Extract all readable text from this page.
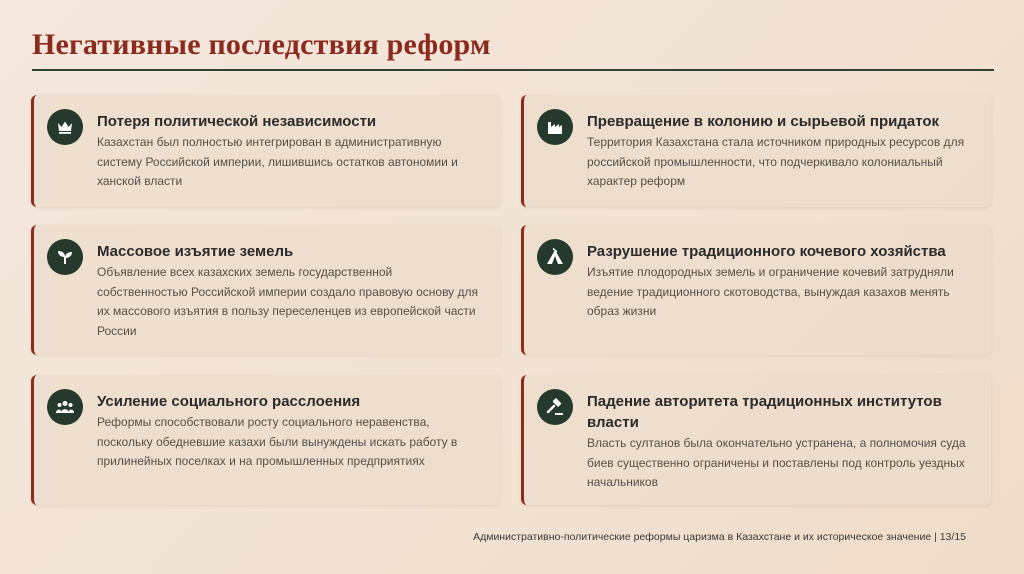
Негативные последствия реформ
Потеря политической независимости
Казахстан был полностью интегрирован в административную систему Российской империи, лишившись остатков автономии и ханской власти
Превращение в колонию и сырьевой придаток
Территория Казахстана стала источником природных ресурсов для российской промышленности, что подчеркивало колониальный характер реформ
Массовое изъятие земель
Объявление всех казахских земель государственной собственностью Российской империи создало правовую основу для их массового изъятия в пользу переселенцев из европейской части России
Разрушение традиционного кочевого хозяйства
Изъятие плодородных земель и ограничение кочевий затрудняли ведение традиционного скотоводства, вынуждая казахов менять образ жизни
Усиление социального расслоения
Реформы способствовали росту социального неравенства, поскольку обедневшие казахи были вынуждены искать работу в прилинейных поселках и на промышленных предприятиях
Падение авторитета традиционных институтов власти
Власть султанов была окончательно устранена, а полномочия суда биев существенно ограничены и поставлены под контроль уездных начальников
Административно-политические реформы царизма в Казахстане и их историческое значение | 13/15
